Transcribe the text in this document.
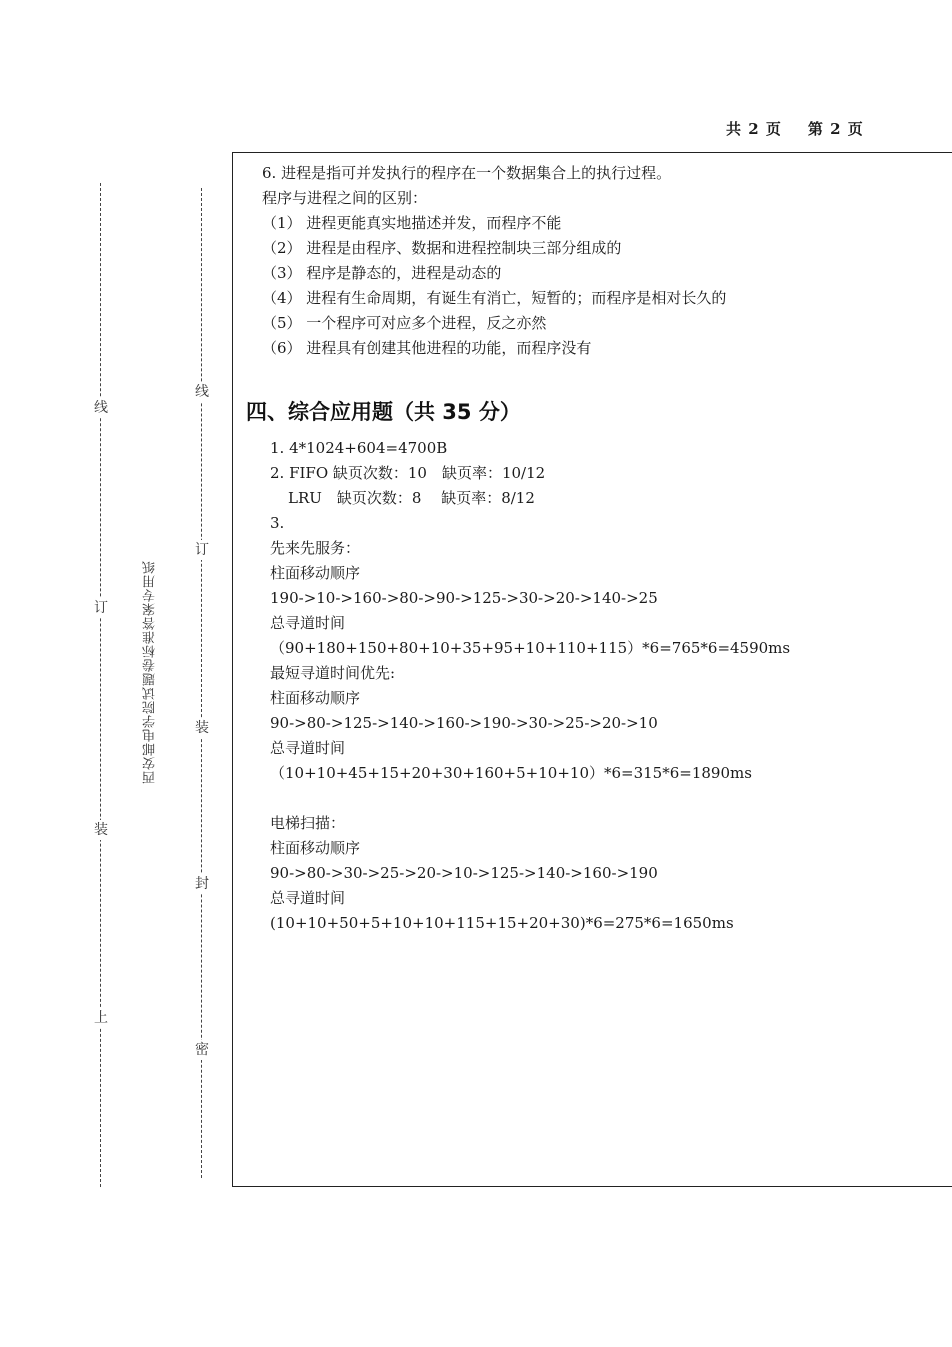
共 2 页 第 2 页
线
订
装
上
线
订
装
封
密
西安邮电学院试题卷标准答案专用纸
6. 进程是指可并发执行的程序在一个数据集合上的执行过程。
程序与进程之间的区别：
（1） 进程更能真实地描述并发，而程序不能
（2） 进程是由程序、数据和进程控制块三部分组成的
（3） 程序是静态的，进程是动态的
（4） 进程有生命周期，有诞生有消亡，短暂的；而程序是相对长久的
（5） 一个程序可对应多个进程，反之亦然
（6） 进程具有创建其他进程的功能，而程序没有
四、综合应用题（共 35 分）
1. 4*1024+604=4700B
2. FIFO 缺页次数：10　缺页率：10/12
LRU　缺页次数：8　 缺页率：8/12
3.
先来先服务：
柱面移动顺序
190->10->160->80->90->125->30->20->140->25
总寻道时间
（90+180+150+80+10+35+95+10+110+115）*6=765*6=4590ms
最短寻道时间优先:
柱面移动顺序
90->80->125->140->160->190->30->25->20->10
总寻道时间
（10+10+45+15+20+30+160+5+10+10）*6=315*6=1890ms
电梯扫描：
柱面移动顺序
90->80->30->25->20->10->125->140->160->190
总寻道时间
(10+10+50+5+10+10+115+15+20+30)*6=275*6=1650ms
